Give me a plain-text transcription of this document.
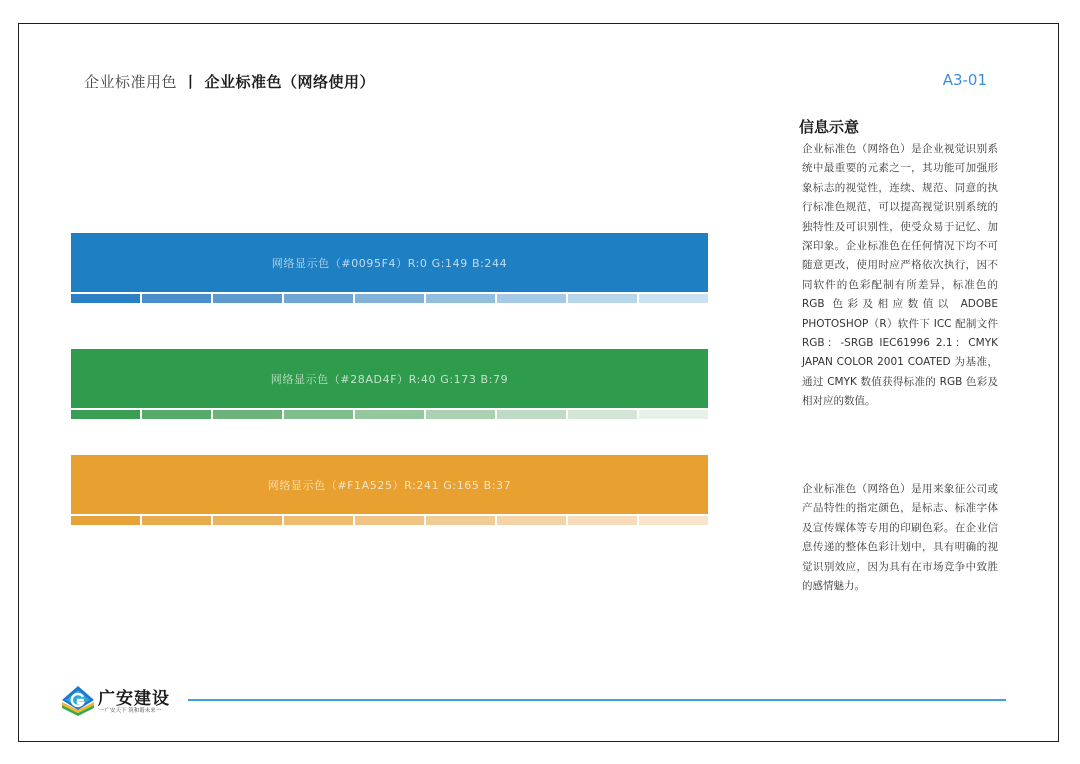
企业标准用色 丨 企业标准色（网络使用）	A3-01
网络显示色（#0095F4）R:0 G:149 B:244
网络显示色（#28AD4F）R:40 G:173 B:79
网络显示色（#F1A525）R:241 G:165 B:37
信息示意
企业标准色（网络色）是企业视觉识别系统中最重要的元素之一，其功能可加强形象标志的视觉性，连续、规范、同意的执行标准色规范，可以提高视觉识别系统的独特性及可识别性，使受众易于记忆、加深印象。企业标准色在任何情况下均不可随意更改，使用时应严格依次执行，因不同软件的色彩配制有所差异，标准色的 RGB 色彩及相应数值以 ADOBE PHOTOSHOP（R）软件下 ICC 配制文件 RGB：-SRGB IEC61996 2.1：CMYK JAPAN COLOR 2001 COATED 为基准，通过 CMYK 数值获得标准的 RGB 色彩及相对应的数值。
企业标准色（网络色）是用来象征公司或产品特性的指定颜色，是标志、标准字体及宣传媒体等专用的印刷色彩。在企业信息传递的整体色彩计划中，具有明确的视觉识别效应，因为具有在市场竞争中致胜的感情魅力。
广安建设
一广安天下 筑和谐未来一
